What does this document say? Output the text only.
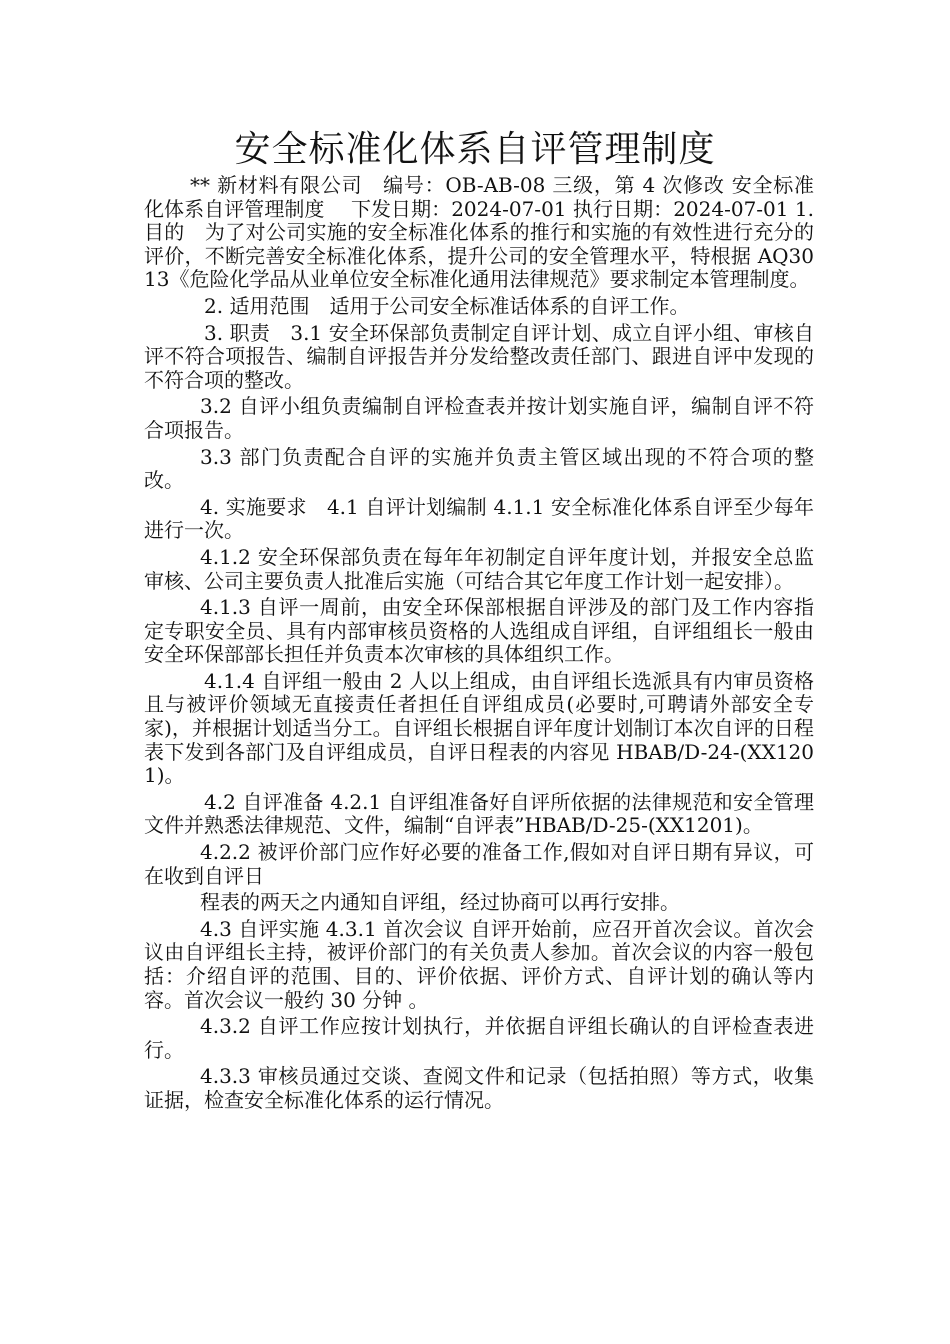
安全标准化体系自评管理制度

** 新材料有限公司　编号：OB-AB-08 三级，第 4 次修改 安全标准化体系自评管理制度　 下发日期：2024-07-01 执行日期：2024-07-01 1. 目的　为了对公司实施的安全标准化体系的推行和实施的有效性进行充分的评价，不断完善安全标准化体系，提升公司的安全管理水平，特根据 AQ3013《危险化学品从业单位安全标准化通用法律规范》要求制定本管理制度。

2. 适用范围　适用于公司安全标准话体系的自评工作。

3. 职责　3.1 安全环保部负责制定自评计划、成立自评小组、审核自评不符合项报告、编制自评报告并分发给整改责任部门、跟进自评中发现的不符合项的整改。

3.2 自评小组负责编制自评检查表并按计划实施自评，编制自评不符合项报告。

3.3 部门负责配合自评的实施并负责主管区域出现的不符合项的整改。

4. 实施要求　4.1 自评计划编制 4.1.1 安全标准化体系自评至少每年进行一次。

4.1.2 安全环保部负责在每年年初制定自评年度计划，并报安全总监审核、公司主要负责人批准后实施（可结合其它年度工作计划一起安排）。

4.1.3 自评一周前，由安全环保部根据自评涉及的部门及工作内容指定专职安全员、具有内部审核员资格的人选组成自评组，自评组组长一般由安全环保部部长担任并负责本次审核的具体组织工作。

4.1.4 自评组一般由 2 人以上组成，由自评组长选派具有内审员资格且与被评价领域无直接责任者担任自评组成员(必要时,可聘请外部安全专家)，并根据计划适当分工。自评组长根据自评年度计划制订本次自评的日程表下发到各部门及自评组成员，自评日程表的内容见 HBAB/D-24-(XX1201)。

4.2 自评准备 4.2.1 自评组准备好自评所依据的法律规范和安全管理文件并熟悉法律规范、文件，编制“自评表”HBAB/D-25-(XX1201)。

4.2.2 被评价部门应作好必要的准备工作,假如对自评日期有异议，可在收到自评日

程表的两天之内通知自评组，经过协商可以再行安排。

4.3 自评实施 4.3.1 首次会议 自评开始前，应召开首次会议。首次会议由自评组长主持，被评价部门的有关负责人参加。首次会议的内容一般包括：介绍自评的范围、目的、评价依据、评价方式、自评计划的确认等内容。首次会议一般约 30 分钟 。

4.3.2 自评工作应按计划执行，并依据自评组长确认的自评检查表进行。

4.3.3 审核员通过交谈、查阅文件和记录（包括拍照）等方式，收集证据，检查安全标准化体系的运行情况。
